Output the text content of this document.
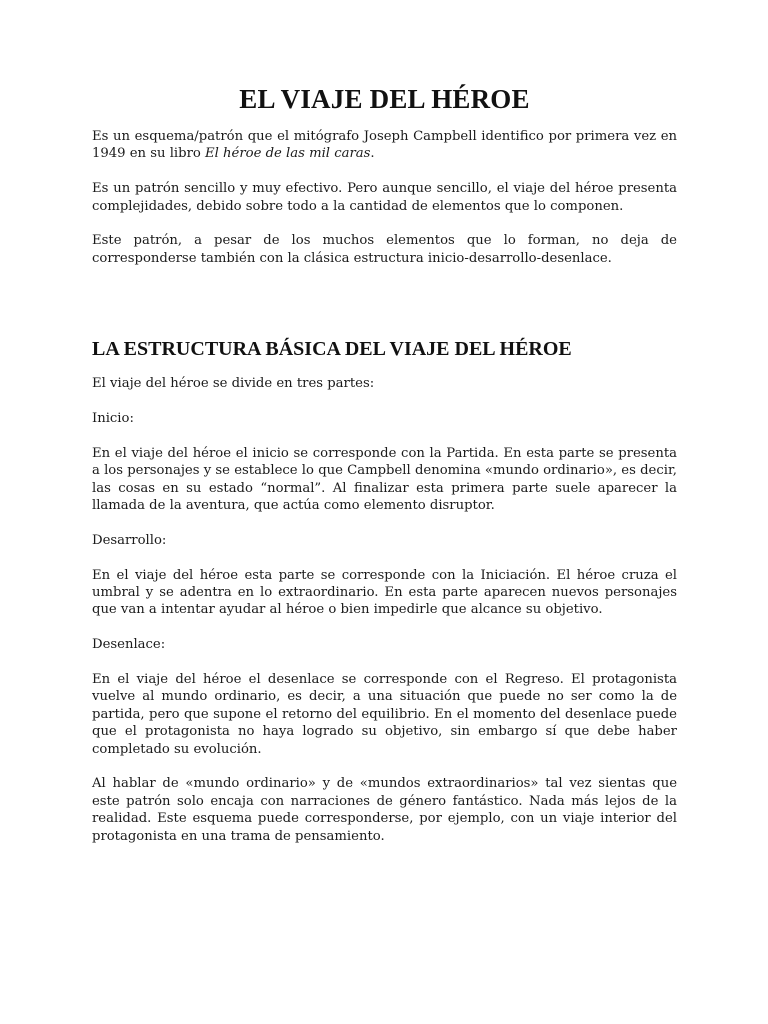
EL VIAJE DEL HÉROE

Es un esquema/patrón que el mitógrafo Joseph Campbell identifico por primera vez en 1949 en su libro El héroe de las mil caras.

Es un patrón sencillo y muy efectivo. Pero aunque sencillo, el viaje del héroe presenta complejidades, debido sobre todo a la cantidad de elementos que lo componen.

Este patrón, a pesar de los muchos elementos que lo forman, no deja de corresponderse también con la clásica estructura inicio-desarrollo-desenlace.

LA ESTRUCTURA BÁSICA DEL VIAJE DEL HÉROE

El viaje del héroe se divide en tres partes:

Inicio:

En el viaje del héroe el inicio se corresponde con la Partida. En esta parte se presenta a los personajes y se establece lo que Campbell denomina «mundo ordinario», es decir, las cosas en su estado “normal”. Al finalizar esta primera parte suele aparecer la llamada de la aventura, que actúa como elemento disruptor.

Desarrollo:

En el viaje del héroe esta parte se corresponde con la Iniciación. El héroe cruza el umbral y se adentra en lo extraordinario. En esta parte aparecen nuevos personajes que van a intentar ayudar al héroe o bien impedirle que alcance su objetivo.

Desenlace:

En el viaje del héroe el desenlace se corresponde con el Regreso. El protagonista vuelve al mundo ordinario, es decir, a una situación que puede no ser como la de partida, pero que supone el retorno del equilibrio. En el momento del desenlace puede que el protagonista no haya logrado su objetivo, sin embargo sí que debe haber completado su evolución.

Al hablar de «mundo ordinario» y de «mundos extraordinarios» tal vez sientas que este patrón solo encaja con narraciones de género fantástico. Nada más lejos de la realidad. Este esquema puede corresponderse, por ejemplo, con un viaje interior del protagonista en una trama de pensamiento.
